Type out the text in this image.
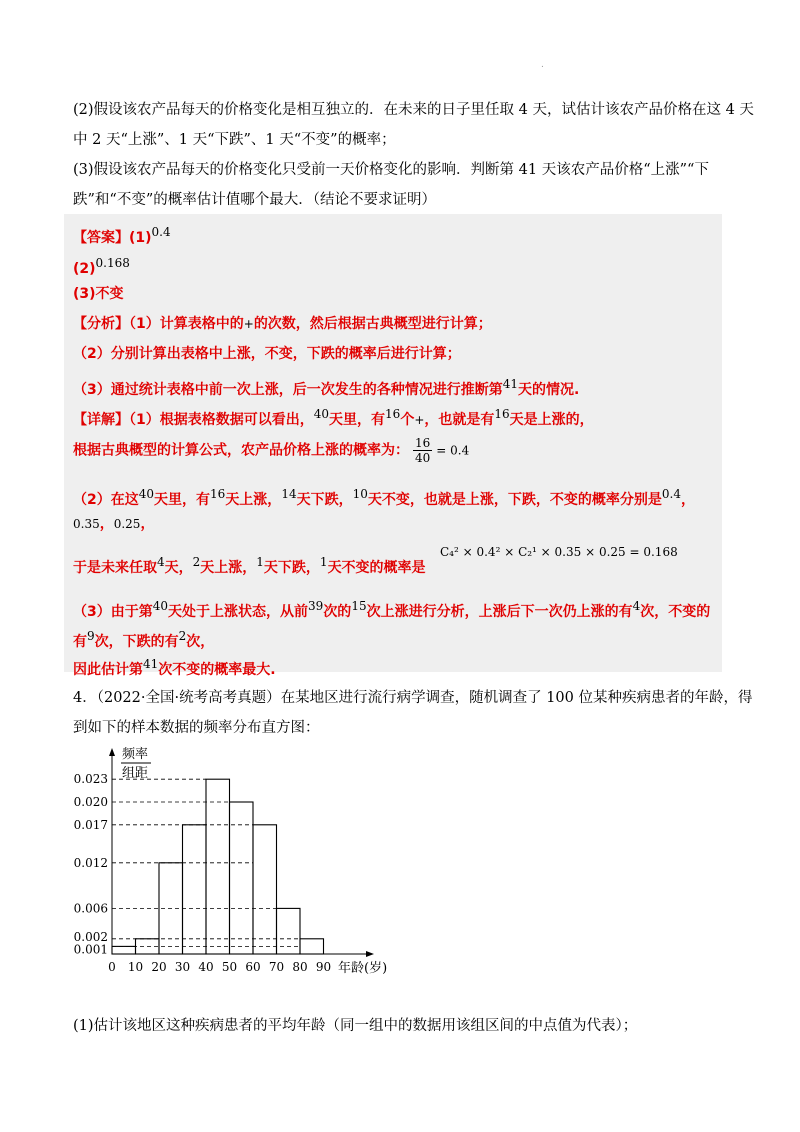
.
(2)假设该农产品每天的价格变化是相互独立的．在未来的日子里任取 4 天，试估计该农产品价格在这 4 天
中 2 天“上涨”、1 天“下跌”、1 天“不变”的概率；
(3)假设该农产品每天的价格变化只受前一天价格变化的影响．判断第 41 天该农产品价格“上涨”“下
跌”和“不变”的概率估计值哪个最大．（结论不要求证明）
【答案】(1)0.4
(2)0.168
(3)不变
【分析】（1）计算表格中的+的次数，然后根据古典概型进行计算；
（2）分别计算出表格中上涨，不变，下跌的概率后进行计算；
（3）通过统计表格中前一次上涨，后一次发生的各种情况进行推断第41天的情况.
【详解】（1）根据表格数据可以看出，40天里，有16个+，也就是有16天是上涨的，
根据古典概型的计算公式，农产品价格上涨的概率为： $\frac{16}{40} = 0.4$
（2）在这40天里，有16天上涨，14天下跌，10天不变，也就是上涨，下跌，不变的概率分别是0.4，
0.35，0.25，
于是未来任取4天，2天上涨，1天下跌，1天不变的概率是
C₄² × 0.4² × C₂¹ × 0.35 × 0.25 = 0.168
（3）由于第40天处于上涨状态，从前39次的15次上涨进行分析，上涨后下一次仍上涨的有4次，不变的
有9次，下跌的有2次，
因此估计第41次不变的概率最大.
4．（2022·全国·统考高考真题）在某地区进行流行病学调查，随机调查了 100 位某种疾病患者的年龄，得
到如下的样本数据的频率分布直方图：
0.023
0.020
0.017
0.012
0.006
0.002
0.001
0 10 20 30 40 50 60 70 80 90 年龄(岁)
频率
组距
(1)估计该地区这种疾病患者的平均年龄（同一组中的数据用该组区间的中点值为代表）；
